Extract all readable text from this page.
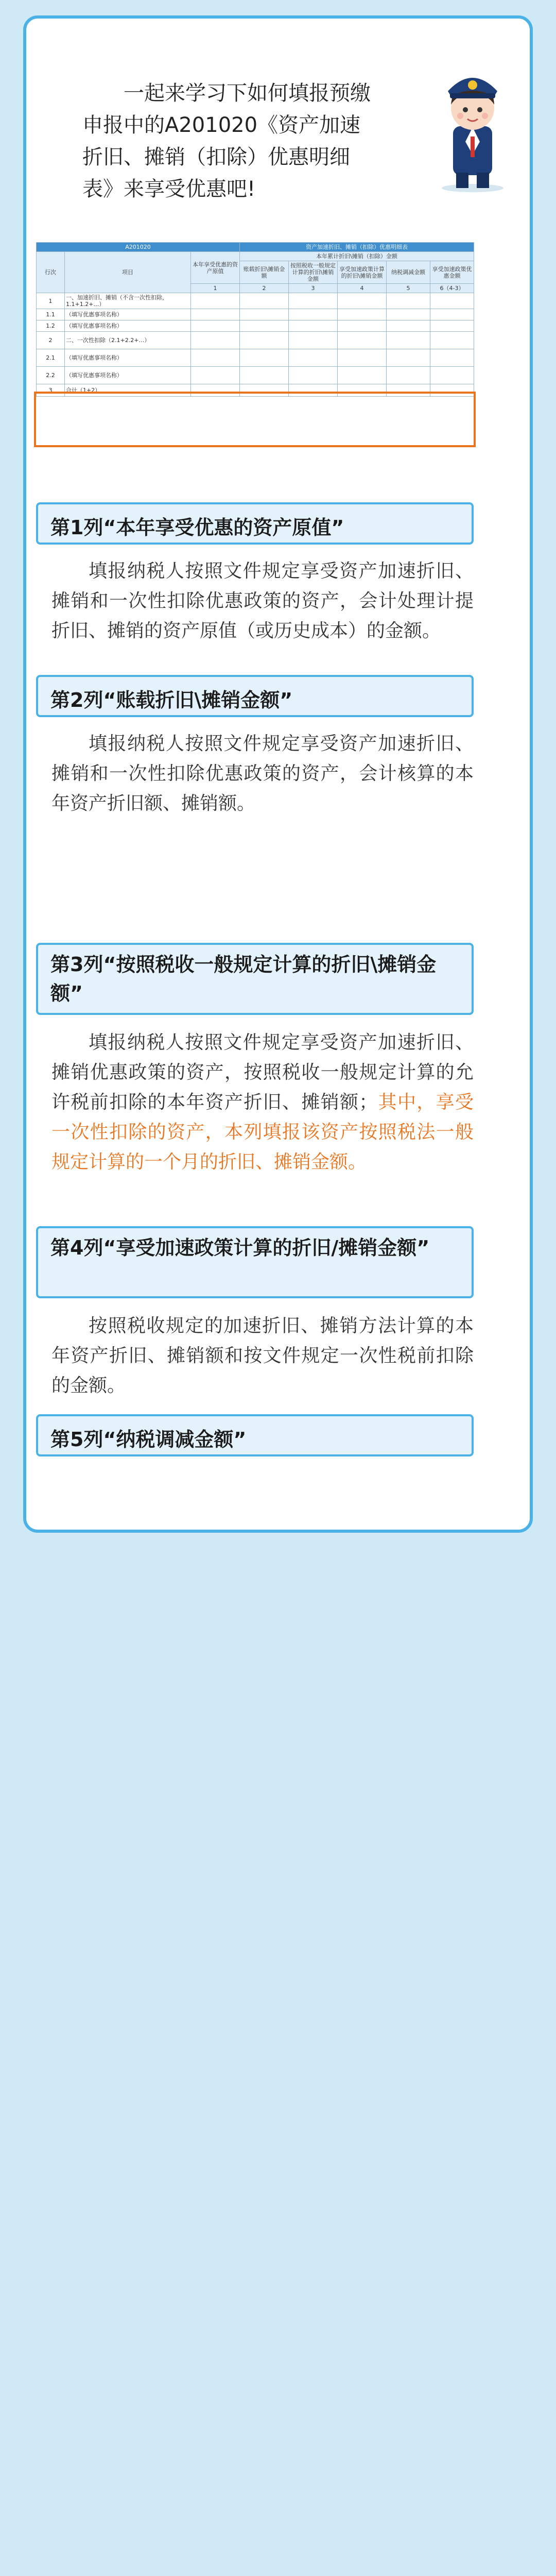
一起来学习下如何填报预缴申报中的A201020《资产加速折旧、摊销（扣除）优惠明细表》来享受优惠吧!
A201020			资产加速折旧、摊销（扣除）优惠明细表				
行次	项目	本年享受优惠的资产原值	本年累计折旧\摊销（扣除）金额				
			账载折旧\摊销金额	按照税收一般规定计算的折旧\摊销金额	享受加速政策计算的折旧\摊销金额	纳税调减金额	享受加速政策优惠金额
		1	2	3	4	5	6（4-3）
1	一、加速折旧、摊销（不含一次性扣除，1.1+1.2+…）						
1.1	（填写优惠事项名称）						
1.2	（填写优惠事项名称）						
2	二、一次性扣除（2.1+2.2+…）						
2.1	（填写优惠事项名称）						
2.2	（填写优惠事项名称）						
3	合计（1+2）						
第1列“本年享受优惠的资产原值”
填报纳税人按照文件规定享受资产加速折旧、摊销和一次性扣除优惠政策的资产，会计处理计提折旧、摊销的资产原值（或历史成本）的金额。
第2列“账载折旧\摊销金额”
填报纳税人按照文件规定享受资产加速折旧、摊销和一次性扣除优惠政策的资产，会计核算的本年资产折旧额、摊销额。
第3列“按照税收一般规定计算的折旧\摊销金额”
填报纳税人按照文件规定享受资产加速折旧、摊销优惠政策的资产，按照税收一般规定计算的允许税前扣除的本年资产折旧、摊销额；其中，享受一次性扣除的资产，本列填报该资产按照税法一般规定计算的一个月的折旧、摊销金额。
第4列“享受加速政策计算的折旧/摊销金额”
按照税收规定的加速折旧、摊销方法计算的本年资产折旧、摊销额和按文件规定一次性税前扣除的金额。
第5列“纳税调减金额”
